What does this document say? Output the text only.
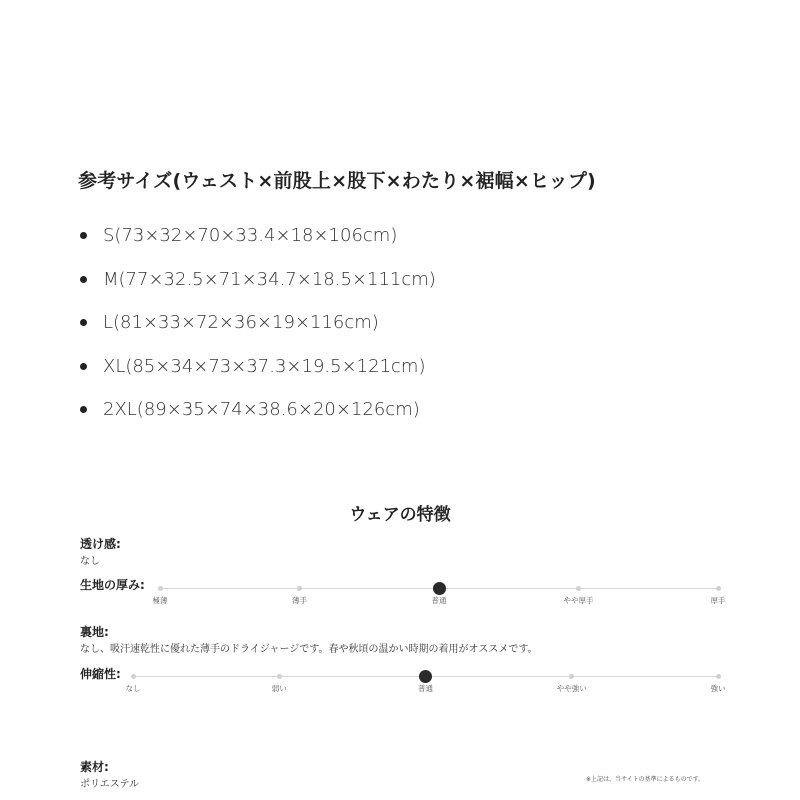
参考サイズ(ウェスト×前股上×股下×わたり×裾幅×ヒップ)
S(73×32×70×33.4×18×106cm)
M(77×32.5×71×34.7×18.5×111cm)
L(81×33×72×36×19×116cm)
XL(85×34×73×37.3×19.5×121cm)
2XL(89×35×74×38.6×20×126cm)
ウェアの特徴
透け感:
なし
生地の厚み:
極薄	薄手	普通	やや厚手	厚手
裏地:
なし、吸汗速乾性に優れた薄手のドライジャージです。春や秋頃の温かい時期の着用がオススメです。
伸縮性:
なし	弱い	普通	やや強い	強い
素材:
ポリエステル	※上記は、当サイトの基準によるものです。
